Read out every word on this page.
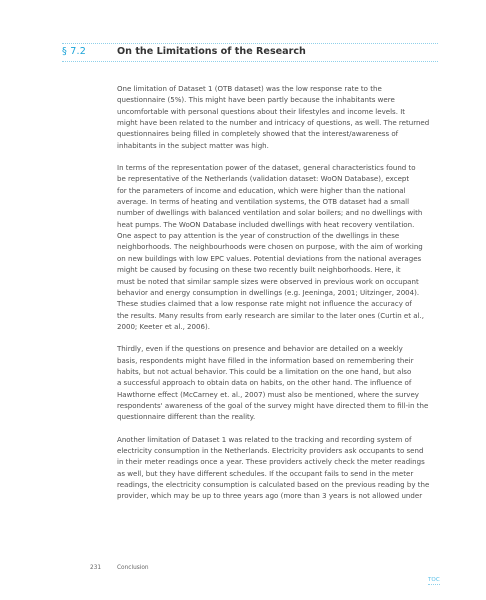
§ 7.2	On the Limitations of the Research

One limitation of Dataset 1 (OTB dataset) was the low response rate to the
questionnaire (5%). This might have been partly because the inhabitants were
uncomfortable with personal questions about their lifestyles and income levels. It
might have been related to the number and intricacy of questions, as well. The returned
questionnaires being filled in completely showed that the interest/awareness of
inhabitants in the subject matter was high.

In terms of the representation power of the dataset, general characteristics found to
be representative of the Netherlands (validation dataset: WoON Database), except
for the parameters of income and education, which were higher than the national
average. In terms of heating and ventilation systems, the OTB dataset had a small
number of dwellings with balanced ventilation and solar boilers; and no dwellings with
heat pumps. The WoON Database included dwellings with heat recovery ventilation.
One aspect to pay attention is the year of construction of the dwellings in these
neighborhoods. The neighbourhoods were chosen on purpose, with the aim of working
on new buildings with low EPC values. Potential deviations from the national averages
might be caused by focusing on these two recently built neighborhoods. Here, it
must be noted that similar sample sizes were observed in previous work on occupant
behavior and energy consumption in dwellings (e.g. Jeeninga, 2001; Uitzinger, 2004).
These studies claimed that a low response rate might not influence the accuracy of
the results. Many results from early research are similar to the later ones (Curtin et al.,
2000; Keeter et al., 2006).

Thirdly, even if the questions on presence and behavior are detailed on a weekly
basis, respondents might have filled in the information based on remembering their
habits, but not actual behavior. This could be a limitation on the one hand, but also
a successful approach to obtain data on habits, on the other hand. The influence of
Hawthorne effect (McCarney et. al., 2007) must also be mentioned, where the survey
respondents' awareness of the goal of the survey might have directed them to fill-in the
questionnaire different than the reality.

Another limitation of Dataset 1 was related to the tracking and recording system of
electricity consumption in the Netherlands. Electricity providers ask occupants to send
in their meter readings once a year. These providers actively check the meter readings
as well, but they have different schedules. If the occupant fails to send in the meter
readings, the electricity consumption is calculated based on the previous reading by the
provider, which may be up to three years ago (more than 3 years is not allowed under

231	Conclusion
TOC
